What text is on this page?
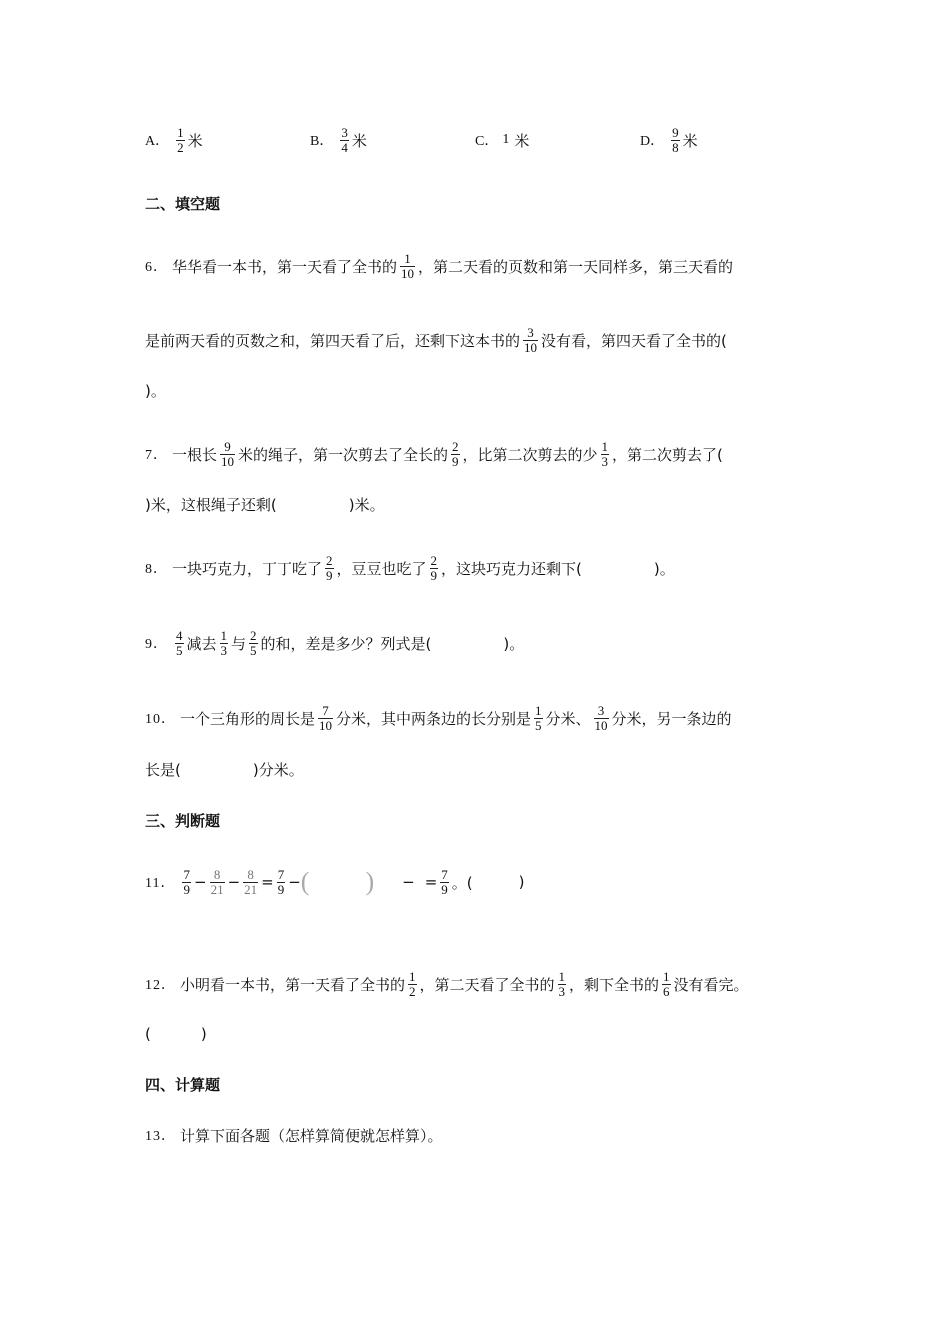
A． $\frac{1}{2}$ 米	B． $\frac{3}{4}$ 米	C． 1 米	D． $\frac{9}{8}$ 米
二、填空题
6． 华华看一本书，第一天看了全书的 $\frac{1}{10}$ ，第二天看的页数和第一天同样多，第三天看的
是前两天看的页数之和，第四天看了后，还剩下这本书的 $\frac{3}{10}$ 没有看，第四天看了全书的(
)。
7． 一根长 $\frac{9}{10}$ 米的绳子，第一次剪去了全长的 $\frac{2}{9}$ ，比第二次剪去的少 $\frac{1}{3}$ ，第二次剪去了(
)米，这根绳子还剩(	)米。
8． 一块巧克力，丁丁吃了 $\frac{2}{9}$ ，豆豆也吃了 $\frac{2}{9}$ ，这块巧克力还剩下(	)。
9． $\frac{4}{5}$ 减去 $\frac{1}{3}$ 与 $\frac{2}{5}$ 的和，差是多少？列式是(	)。
10． 一个三角形的周长是 $\frac{7}{10}$ 分米，其中两条边的长分别是 $\frac{1}{5}$ 分米、 $\frac{3}{10}$ 分米，另一条边的
长是(	)分米。
三、判断题
11． $\frac{7}{9} - \frac{8}{21} - \frac{8}{21} = \frac{7}{9}$ − ( ) − = $\frac{7}{9}$ 。(	)
12． 小明看一本书，第一天看了全书的 $\frac{1}{2}$ ，第二天看了全书的 $\frac{1}{3}$ ，剩下全书的 $\frac{1}{6}$ 没有看完。
(	)
四、计算题
13． 计算下面各题（怎样算简便就怎样算）。
